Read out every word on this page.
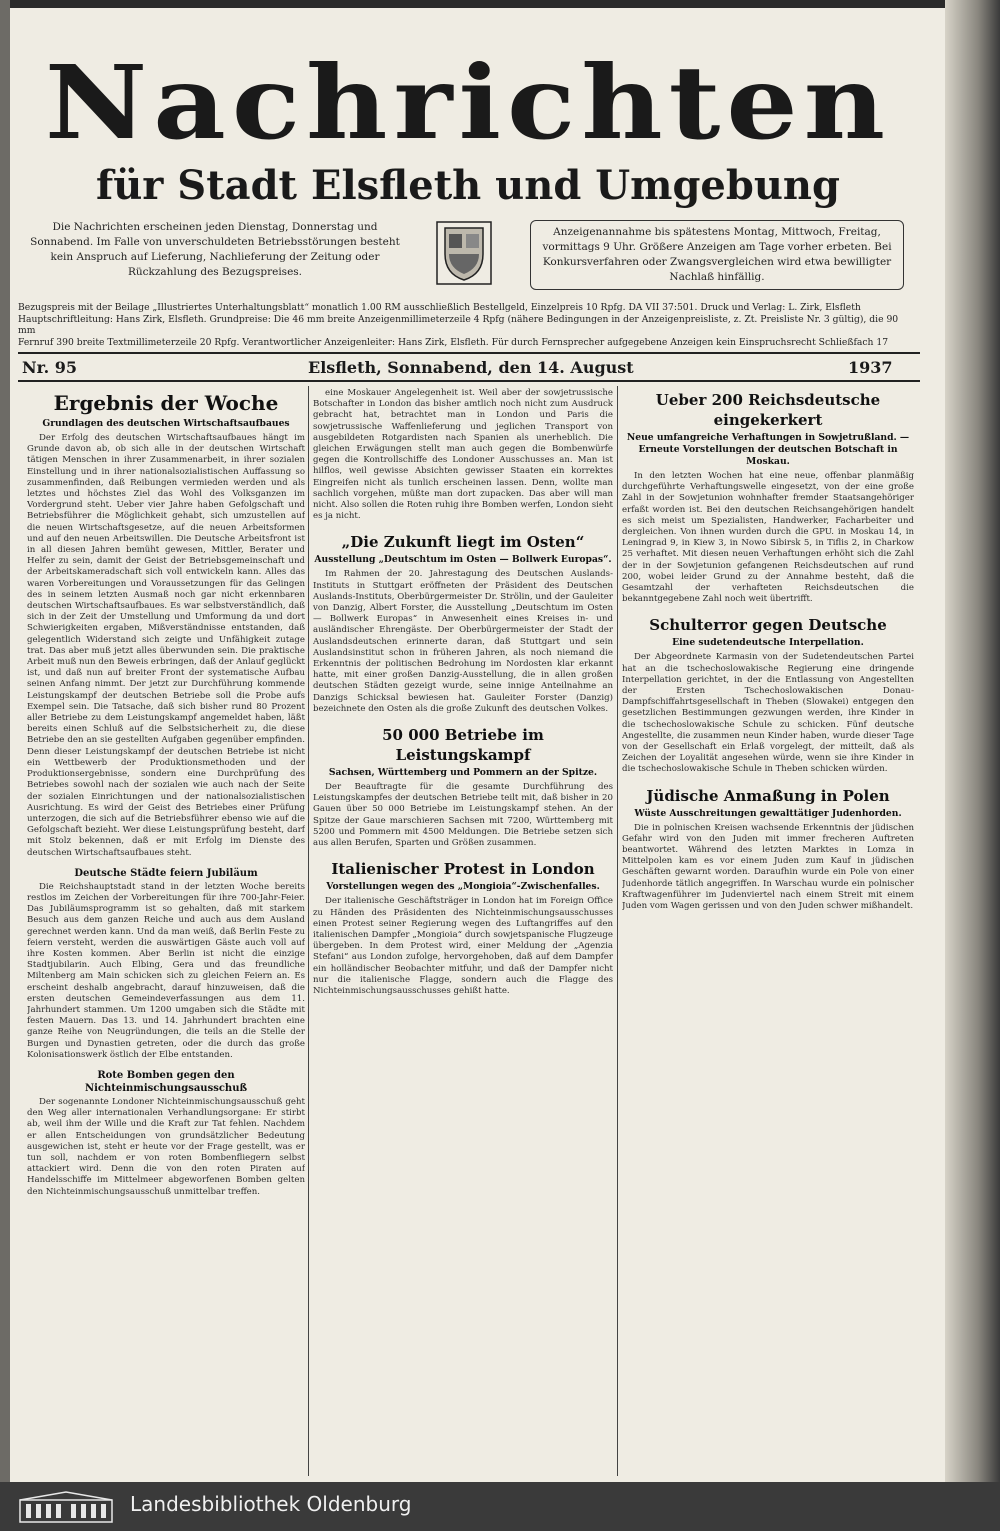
Nachrichten
für Stadt Elsfleth und Umgebung
Die Nachrichten erscheinen jeden Dienstag, Donnerstag und Sonnabend. Im Falle von unverschuldeten Betriebsstörungen besteht kein Anspruch auf Lieferung, Nachlieferung der Zeitung oder Rückzahlung des Bezugspreises.
Anzeigenannahme bis spätestens Montag, Mittwoch, Freitag, vormittags 9 Uhr. Größere Anzeigen am Tage vorher erbeten. Bei Konkursverfahren oder Zwangsvergleichen wird etwa bewilligter Nachlaß hinfällig.
Bezugspreis mit der Beilage „Illustriertes Unterhaltungsblatt“ monatlich 1.00 RM ausschließlich Bestellgeld, Einzelpreis 10 Rpfg. DA VII 37:501. Druck und Verlag: L. Zirk, Elsfleth
Hauptschriftleitung: Hans Zirk, Elsfleth. Grundpreise: Die 46 mm breite Anzeigenmillimeterzeile 4 Rpfg (nähere Bedingungen in der Anzeigenpreisliste, z. Zt. Preisliste Nr. 3 gültig), die 90 mm
Fernruf 390 breite Textmillimeterzeile 20 Rpfg. Verantwortlicher Anzeigenleiter: Hans Zirk, Elsfleth. Für durch Fernsprecher aufgegebene Anzeigen kein Einspruchsrecht Schließfach 17
Nr. 95	Elsfleth, Sonnabend, den 14. August	1937
Ergebnis der Woche
Grundlagen des deutschen Wirtschaftsaufbaues

Der Erfolg des deutschen Wirtschaftsaufbaues hängt im Grunde davon ab, ob sich alle in der deutschen Wirtschaft tätigen Menschen in ihrer Zusammenarbeit, in ihrer sozialen Einstellung und in ihrer nationalsozialistischen Auffassung so zusammenfinden, daß Reibungen vermieden werden und als letztes und höchstes Ziel das Wohl des Volksganzen im Vordergrund steht. Ueber vier Jahre haben Gefolgschaft und Betriebsführer die Möglichkeit gehabt, sich umzustellen auf die neuen Wirtschaftsgesetze, auf die neuen Arbeitsformen und auf den neuen Arbeitswillen. Die Deutsche Arbeitsfront ist in all diesen Jahren bemüht gewesen, Mittler, Berater und Helfer zu sein, damit der Geist der Betriebsgemeinschaft und der Arbeitskameradschaft sich voll entwickeln kann. Alles das waren Vorbereitungen und Voraussetzungen für das Gelingen des in seinem letzten Ausmaß noch gar nicht erkennbaren deutschen Wirtschaftsaufbaues. Es war selbstverständlich, daß sich in der Zeit der Umstellung und Umformung da und dort Schwierigkeiten ergaben, Mißverständnisse entstanden, daß gelegentlich Widerstand sich zeigte und Unfähigkeit zutage trat. Das aber muß jetzt alles überwunden sein. Die praktische Arbeit muß nun den Beweis erbringen, daß der Anlauf geglückt ist, und daß nun auf breiter Front der systematische Aufbau seinen Anfang nimmt. Der jetzt zur Durchführung kommende Leistungskampf der deutschen Betriebe soll die Probe aufs Exempel sein. Die Tatsache, daß sich bisher rund 80 Prozent aller Betriebe zu dem Leistungskampf angemeldet haben, läßt bereits einen Schluß auf die Selbstsicherheit zu, die diese Betriebe den an sie gestellten Aufgaben gegenüber empfinden. Denn dieser Leistungskampf der deutschen Betriebe ist nicht ein Wettbewerb der Produktionsmethoden und der Produktionsergebnisse, sondern eine Durchprüfung des Betriebes sowohl nach der sozialen wie auch nach der Seite der sozialen Einrichtungen und der nationalsozialistischen Ausrichtung. Es wird der Geist des Betriebes einer Prüfung unterzogen, die sich auf die Betriebsführer ebenso wie auf die Gefolgschaft bezieht. Wer diese Leistungsprüfung besteht, darf mit Stolz bekennen, daß er mit Erfolg im Dienste des deutschen Wirtschaftsaufbaues steht.

Deutsche Städte feiern Jubiläum

Die Reichshauptstadt stand in der letzten Woche bereits restlos im Zeichen der Vorbereitungen für ihre 700-Jahr-Feier. Das Jubiläumsprogramm ist so gehalten, daß mit starkem Besuch aus dem ganzen Reiche und auch aus dem Ausland gerechnet werden kann. Und da man weiß, daß Berlin Feste zu feiern versteht, werden die auswärtigen Gäste auch voll auf ihre Kosten kommen. Aber Berlin ist nicht die einzige Stadtjubilarin. Auch Elbing, Gera und das freundliche Miltenberg am Main schicken sich zu gleichen Feiern an. Es erscheint deshalb angebracht, darauf hinzuweisen, daß die ersten deutschen Gemeindeverfassungen aus dem 11. Jahrhundert stammen. Um 1200 umgaben sich die Städte mit festen Mauern. Das 13. und 14. Jahrhundert brachten eine ganze Reihe von Neugründungen, die teils an die Stelle der Burgen und Dynastien getreten, oder die durch das große Kolonisationswerk östlich der Elbe entstanden.

Rote Bomben gegen den Nichteinmischungsausschuß

Der sogenannte Londoner Nichteinmischungsausschuß geht den Weg aller internationalen Verhandlungsorgane: Er stirbt ab, weil ihm der Wille und die Kraft zur Tat fehlen. Nachdem er allen Entscheidungen von grundsätzlicher Bedeutung ausgewichen ist, steht er heute vor der Frage gestellt, was er tun soll, nachdem er von roten Bombenfliegern selbst attackiert wird. Denn die von den roten Piraten auf Handelsschiffe im Mittelmeer abgeworfenen Bomben gelten den Nichteinmischungsausschuß unmittelbar treffen.

eine Moskauer Angelegenheit ist. Weil aber der sowjetrussische Botschafter in London das bisher amtlich noch nicht zum Ausdruck gebracht hat, betrachtet man in London und Paris die sowjetrussische Waffenlieferung und jeglichen Transport von ausgebildeten Rotgardisten nach Spanien als unerheblich. Die gleichen Erwägungen stellt man auch gegen die Bombenwürfe gegen die Kontrollschiffe des Londoner Ausschusses an. Man ist hilflos, weil gewisse Absichten gewisser Staaten ein korrektes Eingreifen nicht als tunlich erscheinen lassen. Denn, wollte man sachlich vorgehen, müßte man dort zupacken. Das aber will man nicht. Also sollen die Roten ruhig ihre Bomben werfen, London sieht es ja nicht.

„Die Zukunft liegt im Osten“
Ausstellung „Deutschtum im Osten — Bollwerk Europas“.

Im Rahmen der 20. Jahrestagung des Deutschen Auslands-Instituts in Stuttgart eröffneten der Präsident des Deutschen Auslands-Instituts, Oberbürgermeister Dr. Strölin, und der Gauleiter von Danzig, Albert Forster, die Ausstellung „Deutschtum im Osten — Bollwerk Europas“ in Anwesenheit eines Kreises in- und ausländischer Ehrengäste. Der Oberbürgermeister der Stadt der Auslandsdeutschen erinnerte daran, daß Stuttgart und sein Auslandsinstitut schon in früheren Jahren, als noch niemand die Erkenntnis der politischen Bedrohung im Nordosten klar erkannt hatte, mit einer großen Danzig-Ausstellung, die in allen großen deutschen Städten gezeigt wurde, seine innige Anteilnahme an Danzigs Schicksal bewiesen hat. Gauleiter Forster (Danzig) bezeichnete den Osten als die große Zukunft des deutschen Volkes.

50 000 Betriebe im Leistungskampf
Sachsen, Württemberg und Pommern an der Spitze.

Der Beauftragte für die gesamte Durchführung des Leistungskampfes der deutschen Betriebe teilt mit, daß bisher in 20 Gauen über 50 000 Betriebe im Leistungskampf stehen. An der Spitze der Gaue marschieren Sachsen mit 7200, Württemberg mit 5200 und Pommern mit 4500 Meldungen. Die Betriebe setzen sich aus allen Berufen, Sparten und Größen zusammen.

Italienischer Protest in London
Vorstellungen wegen des „Mongioia“-Zwischenfalles.

Der italienische Geschäftsträger in London hat im Foreign Office zu Händen des Präsidenten des Nichteinmischungsausschusses einen Protest seiner Regierung wegen des Luftangriffes auf den italienischen Dampfer „Mongioia“ durch sowjetspanische Flugzeuge übergeben. In dem Protest wird, einer Meldung der „Agenzia Stefani“ aus London zufolge, hervorgehoben, daß auf dem Dampfer ein holländischer Beobachter mitfuhr, und daß der Dampfer nicht nur die italienische Flagge, sondern auch die Flagge des Nichteinmischungsausschusses gehißt hatte.

Ueber 200 Reichsdeutsche eingekerkert
Neue umfangreiche Verhaftungen in Sowjetrußland. — Erneute Vorstellungen der deutschen Botschaft in Moskau.

In den letzten Wochen hat eine neue, offenbar planmäßig durchgeführte Verhaftungswelle eingesetzt, von der eine große Zahl in der Sowjetunion wohnhafter fremder Staatsangehöriger erfaßt worden ist. Bei den deutschen Reichsangehörigen handelt es sich meist um Spezialisten, Handwerker, Facharbeiter und dergleichen. Von ihnen wurden durch die GPU. in Moskau 14, in Leningrad 9, in Kiew 3, in Nowo Sibirsk 5, in Tiflis 2, in Charkow 25 verhaftet. Mit diesen neuen Verhaftungen erhöht sich die Zahl der in der Sowjetunion gefangenen Reichsdeutschen auf rund 200, wobei leider Grund zu der Annahme besteht, daß die Gesamtzahl der verhafteten Reichsdeutschen die bekanntgegebene Zahl noch weit übertrifft.

Schulterror gegen Deutsche
Eine sudetendeutsche Interpellation.

Der Abgeordnete Karmasin von der Sudetendeutschen Partei hat an die tschechoslowakische Regierung eine dringende Interpellation gerichtet, in der die Entlassung von Angestellten der Ersten Tschechoslowakischen Donau-Dampfschiffahrtsgesellschaft in Theben (Slowakei) entgegen den gesetzlichen Bestimmungen gezwungen werden, ihre Kinder in die tschechoslowakische Schule zu schicken. Fünf deutsche Angestellte, die zusammen neun Kinder haben, wurde dieser Tage von der Gesellschaft ein Erlaß vorgelegt, der mitteilt, daß als Zeichen der Loyalität angesehen würde, wenn sie ihre Kinder in die tschechoslowakische Schule in Theben schicken würden.

Jüdische Anmaßung in Polen
Wüste Ausschreitungen gewalttätiger Judenhorden.

Die in polnischen Kreisen wachsende Erkenntnis der jüdischen Gefahr wird von den Juden mit immer frecheren Auftreten beantwortet. Während des letzten Marktes in Lomza in Mittelpolen kam es vor einem Juden zum Kauf in jüdischen Geschäften gewarnt worden. Daraufhin wurde ein Pole von einer Judenhorde tätlich angegriffen. In Warschau wurde ein polnischer Kraftwagenführer im Judenviertel nach einem Streit mit einem Juden vom Wagen gerissen und von den Juden schwer mißhandelt.

Landesbibliothek Oldenburg
